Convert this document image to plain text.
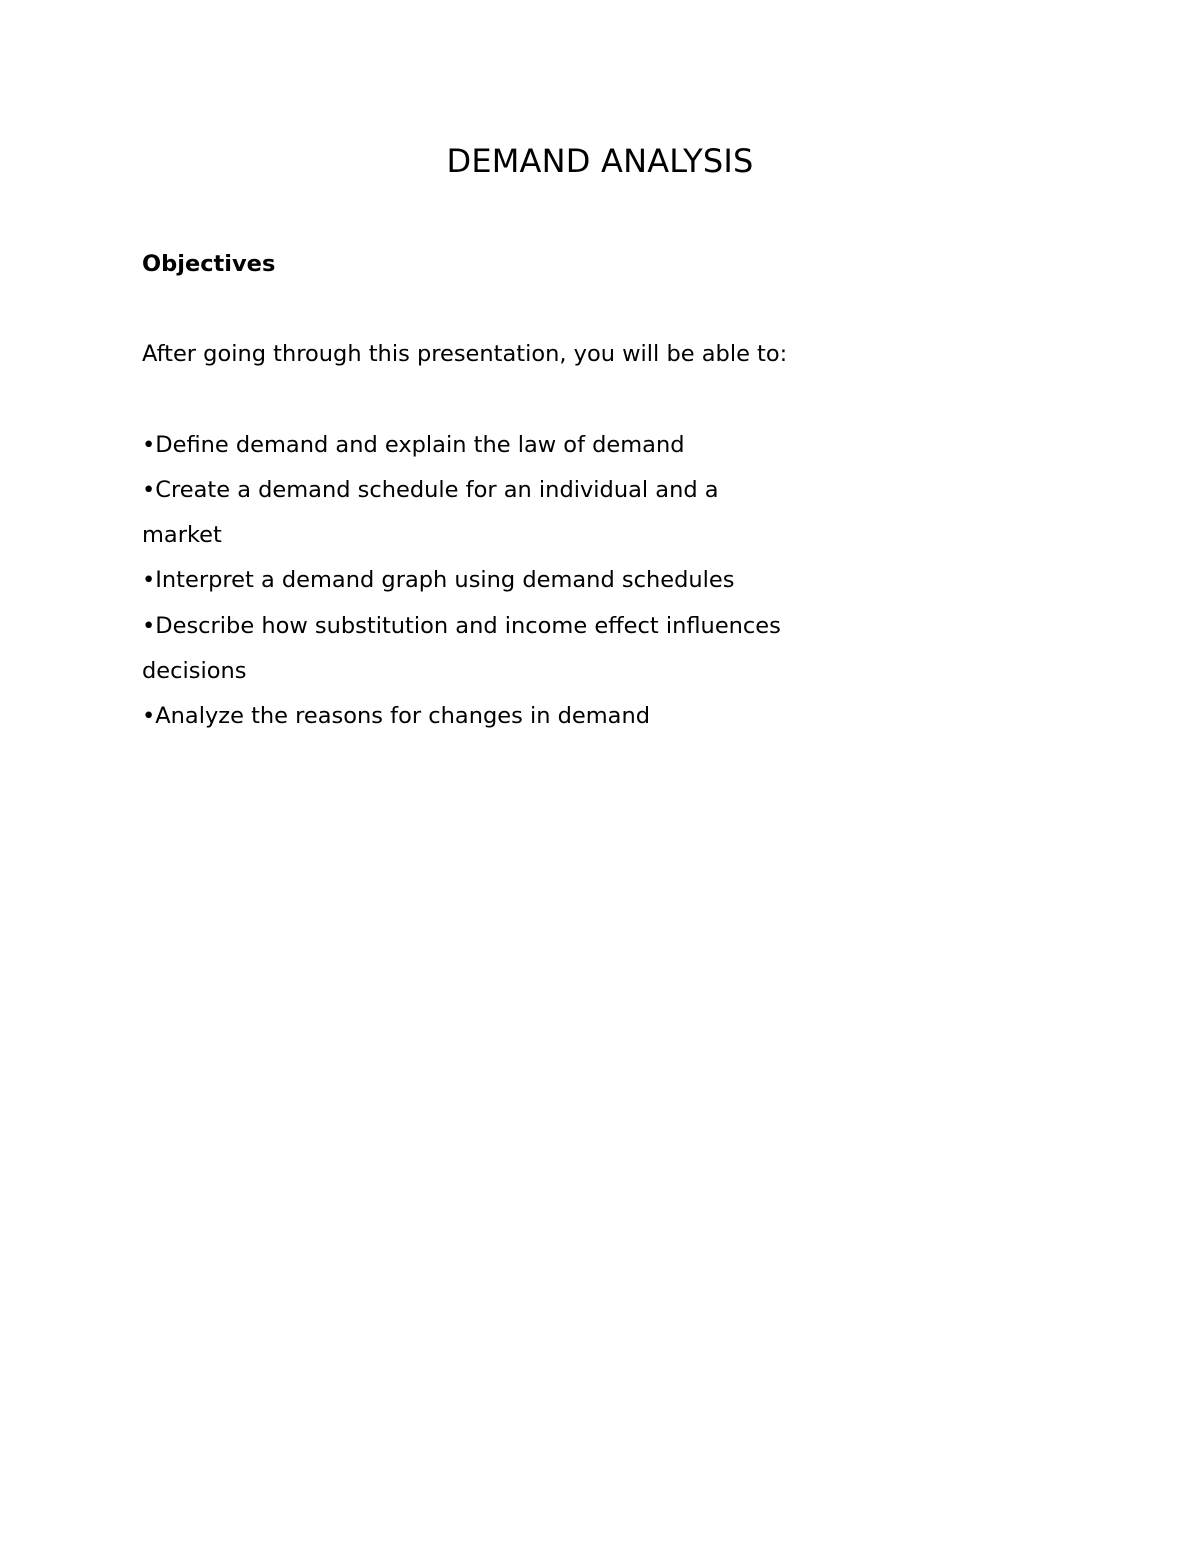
DEMAND ANALYSIS

Objectives

After going through this presentation, you will be able to:

•Define demand and explain the law of demand
•Create a demand schedule for an individual and a market
•Interpret a demand graph using demand schedules
•Describe how substitution and income effect influences decisions
•Analyze the reasons for changes in demand
